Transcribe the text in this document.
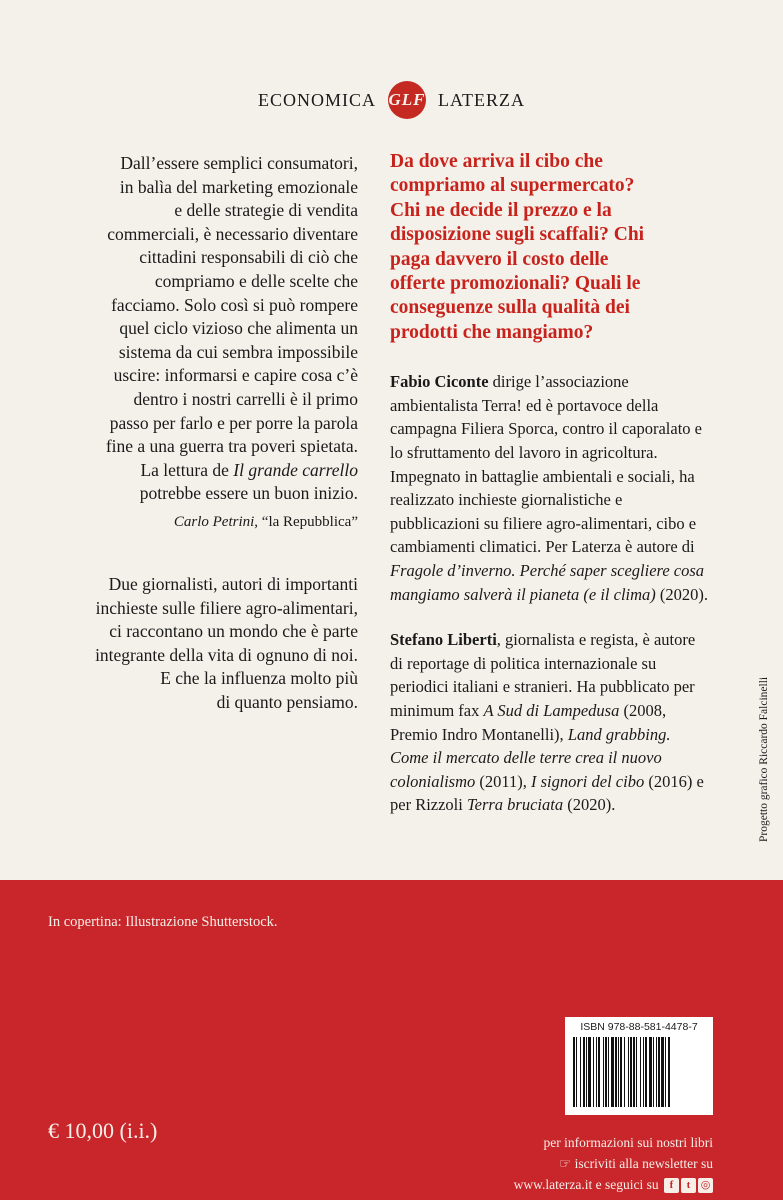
ECONOMICA GLF LATERZA

Dall’essere semplici consumatori,
in balìa del marketing emozionale
e delle strategie di vendita
commerciali, è necessario diventare
cittadini responsabili di ciò che
compriamo e delle scelte che
facciamo. Solo così si può rompere
quel ciclo vizioso che alimenta un
sistema da cui sembra impossibile
uscire: informarsi e capire cosa c’è
dentro i nostri carrelli è il primo
passo per farlo e per porre la parola
fine a una guerra tra poveri spietata.
La lettura de Il grande carrello
potrebbe essere un buon inizio.

Carlo Petrini, “la Repubblica”

Due giornalisti, autori di importanti
inchieste sulle filiere agro-alimentari,
ci raccontano un mondo che è parte
integrante della vita di ognuno di noi.
E che la influenza molto più
di quanto pensiamo.

Da dove arriva il cibo che
compriamo al supermercato?
Chi ne decide il prezzo e la
disposizione sugli scaffali? Chi
paga davvero il costo delle
offerte promozionali? Quali le
conseguenze sulla qualità dei
prodotti che mangiamo?

Fabio Ciconte dirige l’associazione ambientalista Terra! ed è portavoce della campagna Filiera Sporca, contro il caporalato e lo sfruttamento del lavoro in agricoltura. Impegnato in battaglie ambientali e sociali, ha realizzato inchieste giornalistiche e pubblicazioni su filiere agro-alimentari, cibo e cambiamenti climatici. Per Laterza è autore di Fragole d’inverno. Perché saper scegliere cosa mangiamo salverà il pianeta (e il clima) (2020).

Stefano Liberti, giornalista e regista, è autore di reportage di politica internazionale su periodici italiani e stranieri. Ha pubblicato per minimum fax A Sud di Lampedusa (2008, Premio Indro Montanelli), Land grabbing. Come il mercato delle terre crea il nuovo colonialismo (2011), I signori del cibo (2016) e per Rizzoli Terra bruciata (2020).	Progetto grafico Riccardo Falcinelli
In copertina: Illustrazione Shutterstock.
ISBN 978-88-581-4478-7
per informazioni sui nostri libri
☞ iscriviti alla newsletter su
www.laterza.it e seguici su f t ◎
€ 10,00 (i.i.)
